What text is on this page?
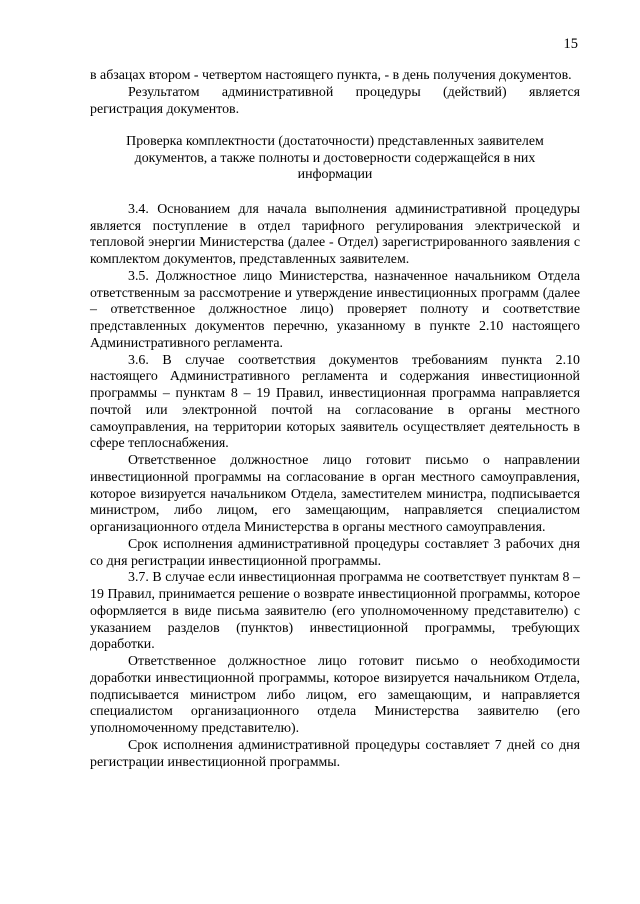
15

в абзацах втором - четвертом настоящего пункта, - в день получения документов.

Результатом административной процедуры (действий) является регистрация документов.

Проверка комплектности (достаточности) представленных заявителем документов, а также полноты и достоверности содержащейся в них информации

3.4. Основанием для начала выполнения административной процедуры является поступление в отдел тарифного регулирования электрической и тепловой энергии Министерства (далее - Отдел) зарегистрированного заявления с комплектом документов, представленных заявителем.

3.5. Должностное лицо Министерства, назначенное начальником Отдела ответственным за рассмотрение и утверждение инвестиционных программ (далее – ответственное должностное лицо) проверяет полноту и соответствие представленных документов перечню, указанному в пункте 2.10 настоящего Административного регламента.

3.6. В случае соответствия документов требованиям пункта 2.10 настоящего Административного регламента и содержания инвестиционной программы – пунктам 8 – 19 Правил, инвестиционная программа направляется почтой или электронной почтой на согласование в органы местного самоуправления, на территории которых заявитель осуществляет деятельность в сфере теплоснабжения.

Ответственное должностное лицо готовит письмо о направлении инвестиционной программы на согласование в орган местного самоуправления, которое визируется начальником Отдела, заместителем министра, подписывается министром, либо лицом, его замещающим, направляется специалистом организационного отдела Министерства в органы местного самоуправления.

Срок исполнения административной процедуры составляет 3 рабочих дня со дня регистрации инвестиционной программы.

3.7. В случае если инвестиционная программа не соответствует пунктам 8 – 19 Правил, принимается решение о возврате инвестиционной программы, которое оформляется в виде письма заявителю (его уполномоченному представителю) с указанием разделов (пунктов) инвестиционной программы, требующих доработки.

Ответственное должностное лицо готовит письмо о необходимости доработки инвестиционной программы, которое визируется начальником Отдела, подписывается министром либо лицом, его замещающим, и направляется специалистом организационного отдела Министерства заявителю (его уполномоченному представителю).

Срок исполнения административной процедуры составляет 7 дней со дня регистрации инвестиционной программы.
